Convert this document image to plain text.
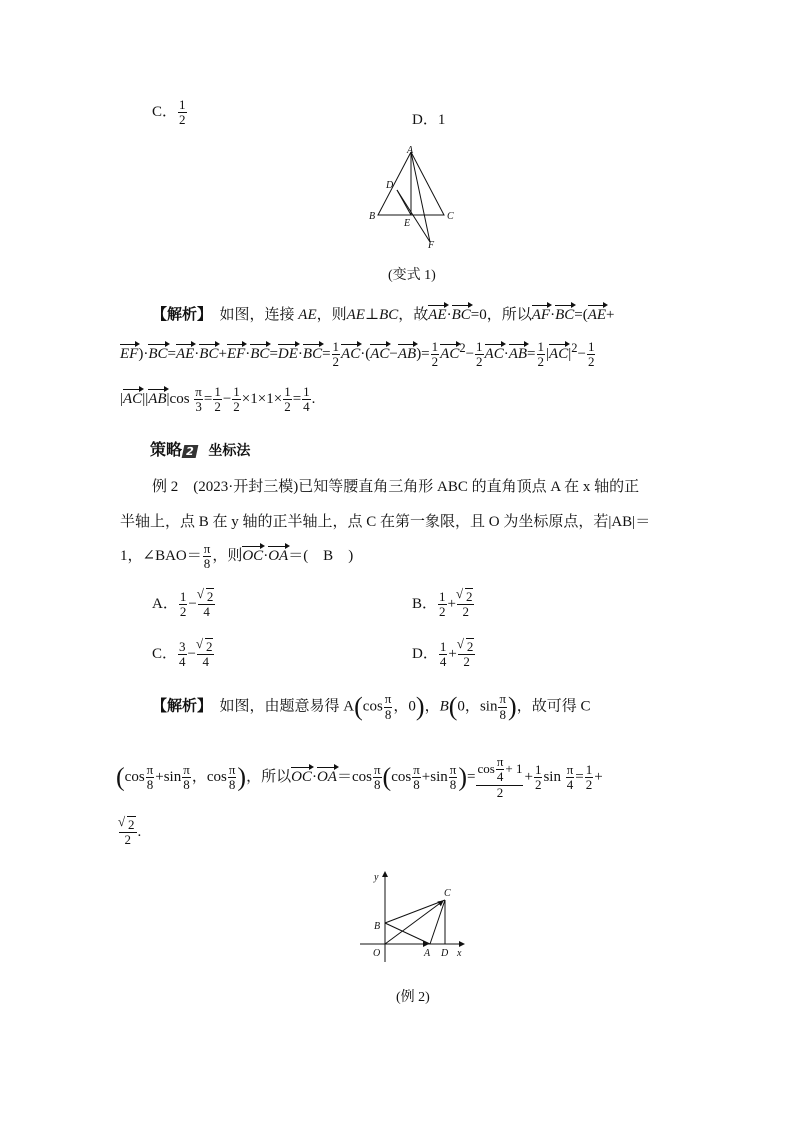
C． $\frac{1}{2}$	D．1
A
D
B
E
C
F
(变式 1)
【解析】　 如图，连接 AE，则AE⊥BC，故AE·BC=0，所以AF·BC=(AE+
$EF)\cdot BC=AE\cdot BC+EF\cdot BC=DE\cdot BC= \frac{1}{2} AC\cdot(AC-AB)= \frac{1}{2} AC^2- \frac{1}{2} AC\cdot AB= \frac{1}{2} |AC|^2- \frac{1}{2}$
$|AC||AB|\cos \frac{\pi}{3} = \frac{1}{2} - \frac{1}{2} \times 1\times 1\times \frac{1}{2} = \frac{1}{4}$ .
策略 2 坐标法
例 2　(2023·开封三模)已知等腰直角三角形 ABC 的直角顶点 A 在 x 轴的正
半轴上，点 B 在 y 轴的正半轴上，点 C 在第一象限，且 O 为坐标原点，若|AB|＝
1，∠BAO＝ $\frac{\pi}{8}$ ，则OC·OA＝(　B　)
A． $\frac{1}{2}$ − √ $\frac{2}{4}$	B． $\frac{1}{2}$ + √ $\frac{2}{2}$
C． $\frac{3}{4}$ − √ $\frac{2}{4}$	D． $\frac{1}{4}$ + √ $\frac{2}{2}$
【解析】　 如图，由题意易得 $A(\cos \frac{\pi}{8}$ ，0)，B(0，$\sin \frac{\pi}{8}$ )，故可得 C
($\cos \frac{\pi}{8} +\sin \frac{\pi}{8}$ ，$\cos \frac{\pi}{8}$ )，所以$OC\cdot OA=\cos \frac{\pi}{8} (\cos \frac{\pi}{8} +\sin \frac{\pi}{8}$ )= $\frac{\cos \frac{\pi}{4} + 1}{2} + \frac{1}{2}$ $\sin \frac{\pi}{4} = \frac{1}{2}$ +
√ $\frac{2}{2}$ .
y
x
O
B
A D
C
(例 2)
